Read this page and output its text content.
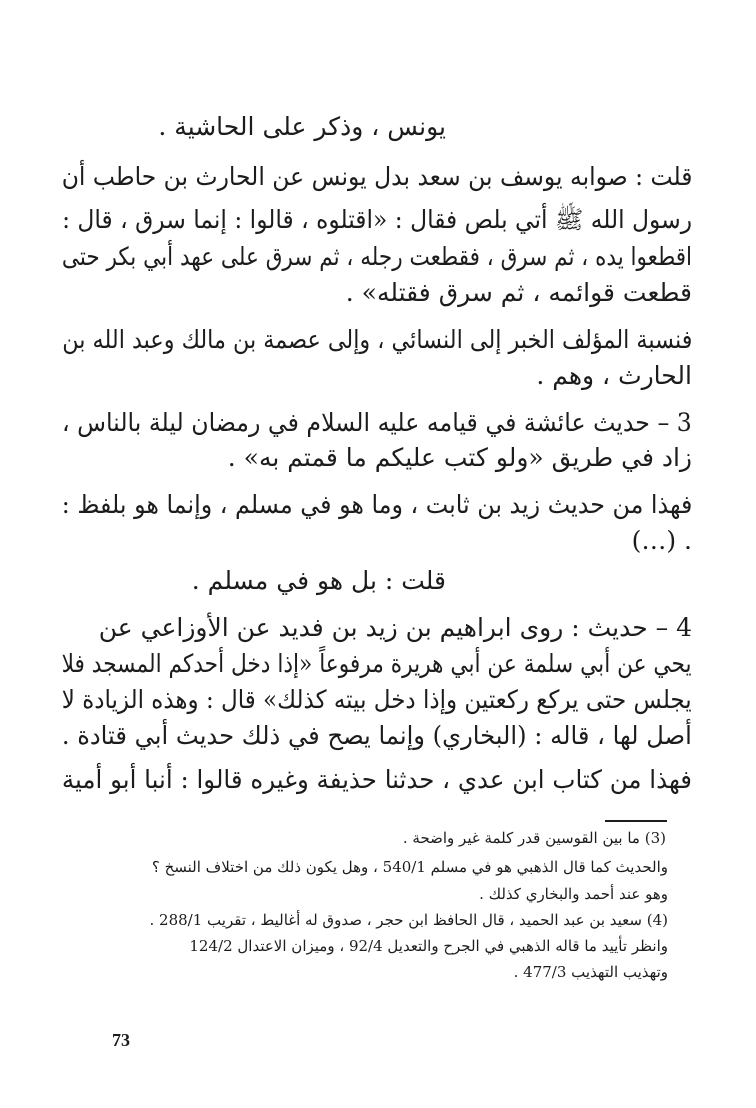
يونس ، وذكر على الحاشية .
قلت : صوابه يوسف بن سعد بدل يونس عن الحارث بن حاطب أن
رسول الله ﷺ أتي بلص فقال : «اقتلوه ، قالوا : إنما سرق ، قال :
اقطعوا يده ، ثم سرق ، فقطعت رجله ، ثم سرق على عهد أبي بكر حتى
قطعت قوائمه ، ثم سرق فقتله» .
فنسبة المؤلف الخبر إلى النسائي ، وإلى عصمة بن مالك وعبد الله بن
الحارث ، وهم .
3 – حديث عائشة في قيامه عليه السلام في رمضان ليلة بالناس ،
زاد في طريق «ولو كتب عليكم ما قمتم به» .
فهذا من حديث زيد بن ثابت ، وما هو في مسلم ، وإنما هو بلفظ :
(…) .
قلت : بل هو في مسلم .
4 – حديث : روى ابراهيم بن زيد بن فديد عن الأوزاعي عن
يحي عن أبي سلمة عن أبي هريرة مرفوعاً «إذا دخل أحدكم المسجد فلا
يجلس حتى يركع ركعتين وإذا دخل بيته كذلك» قال : وهذه الزيادة لا
أصل لها ، قاله : (البخاري) وإنما يصح في ذلك حديث أبي قتادة .
فهذا من كتاب ابن عدي ، حدثنا حذيفة وغيره قالوا : أنبا أبو أمية
(3) ما بين القوسين قدر كلمة غير واضحة .
والحديث كما قال الذهبي هو في مسلم 540/1 ، وهل يكون ذلك من اختلاف النسخ ؟
وهو عند أحمد والبخاري كذلك .
(4) سعيد بن عبد الحميد ، قال الحافظ ابن حجر ، صدوق له أغاليط ، تقريب 288/1 .
وانظر تأييد ما قاله الذهبي في الجرح والتعديل 92/4 ، وميزان الاعتدال 124/2
وتهذيب التهذيب 477/3 .
73
